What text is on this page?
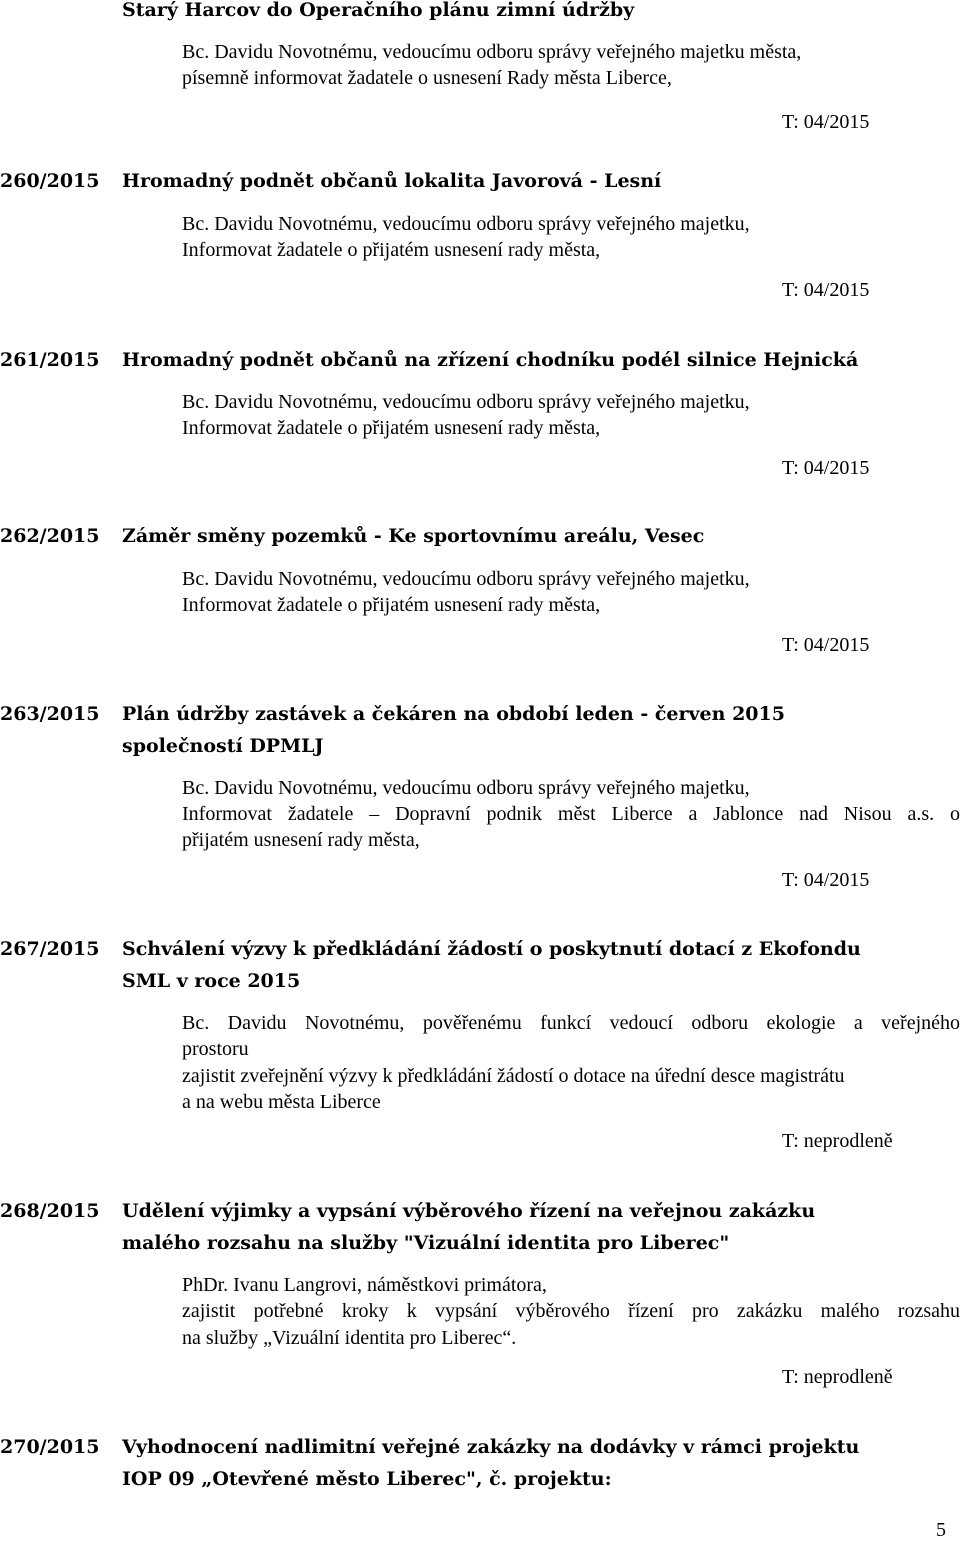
Starý Harcov do Operačního plánu zimní údržby
Bc. Davidu Novotnému, vedoucímu odboru správy veřejného majetku města,
písemně informovat žadatele o usnesení Rady města Liberce,
T: 04/2015
260/2015 Hromadný podnět občanů lokalita Javorová - Lesní
Bc. Davidu Novotnému, vedoucímu odboru správy veřejného majetku,
Informovat žadatele o přijatém usnesení rady města,
T: 04/2015
261/2015 Hromadný podnět občanů na zřízení chodníku podél silnice Hejnická
Bc. Davidu Novotnému, vedoucímu odboru správy veřejného majetku,
Informovat žadatele o přijatém usnesení rady města,
T: 04/2015
262/2015 Záměr směny pozemků - Ke sportovnímu areálu, Vesec
Bc. Davidu Novotnému, vedoucímu odboru správy veřejného majetku,
Informovat žadatele o přijatém usnesení rady města,
T: 04/2015
263/2015 Plán údržby zastávek a čekáren na období leden - červen 2015
společností DPMLJ
Bc. Davidu Novotnému, vedoucímu odboru správy veřejného majetku,
Informovat žadatele – Dopravní podnik měst Liberce a Jablonce nad Nisou a.s. o
přijatém usnesení rady města,
T: 04/2015
267/2015 Schválení výzvy k předkládání žádostí o poskytnutí dotací z Ekofondu
SML v roce 2015
Bc. Davidu Novotnému, pověřenému funkcí vedoucí odboru ekologie a veřejného
prostoru
zajistit zveřejnění výzvy k předkládání žádostí o dotace na úřední desce magistrátu
a na webu města Liberce
T: neprodleně
268/2015 Udělení výjimky a vypsání výběrového řízení na veřejnou zakázku
malého rozsahu na služby "Vizuální identita pro Liberec"
PhDr. Ivanu Langrovi, náměstkovi primátora,
zajistit potřebné kroky k vypsání výběrového řízení pro zakázku malého rozsahu
na služby „Vizuální identita pro Liberec“.
T: neprodleně
270/2015 Vyhodnocení nadlimitní veřejné zakázky na dodávky v rámci projektu
IOP 09 „Otevřené město Liberec", č. projektu:
5
